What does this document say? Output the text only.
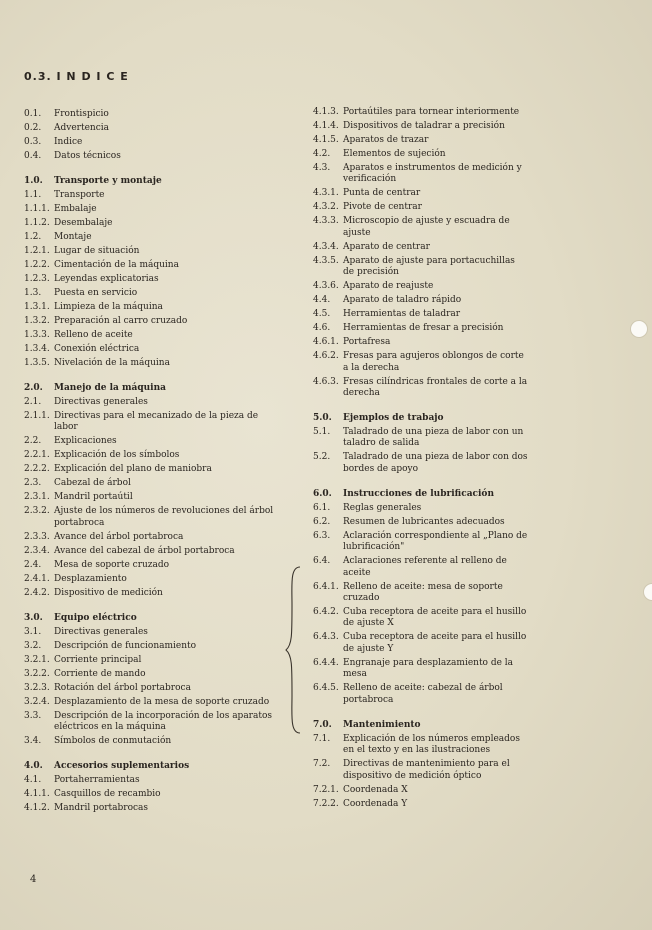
0.3. I N D I C E
0.1.	Frontispicio
0.2.	Advertencia
0.3.	Indice
0.4.	Datos técnicos
1.0.	Transporte y montaje
1.1.	Transporte
1.1.1. Embalaje
1.1.2. Desembalaje
1.2.	Montaje
1.2.1. Lugar de situación
1.2.2. Cimentación de la máquina
1.2.3. Leyendas explicatorias
1.3.	Puesta en servicio
1.3.1. Limpieza de la máquina
1.3.2. Preparación al carro cruzado
1.3.3. Relleno de aceite
1.3.4. Conexión eléctrica
1.3.5. Nivelación de la máquina
2.0.	Manejo de la máquina
2.1.	Directivas generales
2.1.1. Directivas para el mecanizado de la pieza de labor
2.2.	Explicaciones
2.2.1. Explicación de los símbolos
2.2.2. Explicación del plano de maniobra
2.3.	Cabezal de árbol
2.3.1. Mandril portaútil
2.3.2. Ajuste de los números de revoluciones del árbol portabroca
2.3.3. Avance del árbol portabroca
2.3.4. Avance del cabezal de árbol portabroca
2.4.	Mesa de soporte cruzado
2.4.1. Desplazamiento
2.4.2. Dispositivo de medición
3.0.	Equipo eléctrico
3.1.	Directivas generales
3.2.	Descripción de funcionamiento
3.2.1. Corriente principal
3.2.2. Corriente de mando
3.2.3. Rotación del árbol portabroca
3.2.4. Desplazamiento de la mesa de soporte cruzado
3.3.	Descripción de la incorporación de los aparatos eléctricos en la máquina
3.4.	Símbolos de conmutación
4.0.	Accesorios suplementarios
4.1.	Portaherramientas
4.1.1. Casquillos de recambio
4.1.2. Mandril portabrocas
4.1.3. Portaútiles para tornear interiormente
4.1.4. Dispositivos de taladrar a precisión
4.1.5. Aparatos de trazar
4.2.	Elementos de sujeción
4.3.	Aparatos e instrumentos de medición y verificación
4.3.1. Punta de centrar
4.3.2. Pivote de centrar
4.3.3. Microscopio de ajuste y escuadra de ajuste
4.3.4. Aparato de centrar
4.3.5. Aparato de ajuste para portacuchillas de precisión
4.3.6. Aparato de reajuste
4.4.	Aparato de taladro rápido
4.5.	Herramientas de taladrar
4.6.	Herramientas de fresar a precisión
4.6.1. Portafresa
4.6.2. Fresas para agujeros oblongos de corte a la derecha
4.6.3. Fresas cilíndricas frontales de corte a la derecha
5.0.	Ejemplos de trabajo
5.1.	Taladrado de una pieza de labor con un taladro de salida
5.2.	Taladrado de una pieza de labor con dos bordes de apoyo
6.0.	Instrucciones de lubrificación
6.1.	Reglas generales
6.2.	Resumen de lubricantes adecuados
6.3.	Aclaración correspondiente al „Plano de lubrificación"
6.4.	Aclaraciones referente al relleno de aceite
6.4.1. Relleno de aceite: mesa de soporte cruzado
6.4.2. Cuba receptora de aceite para el husillo de ajuste X
6.4.3. Cuba receptora de aceite para el husillo de ajuste Y
6.4.4. Engranaje para desplazamiento de la mesa
6.4.5. Relleno de aceite: cabezal de árbol portabroca
7.0.	Mantenimiento
7.1.	Explicación de los números empleados en el texto y en las ilustraciones
7.2.	Directivas de mantenimiento para el dispositivo de medición óptico
7.2.1. Coordenada X
7.2.2. Coordenada Y
4
